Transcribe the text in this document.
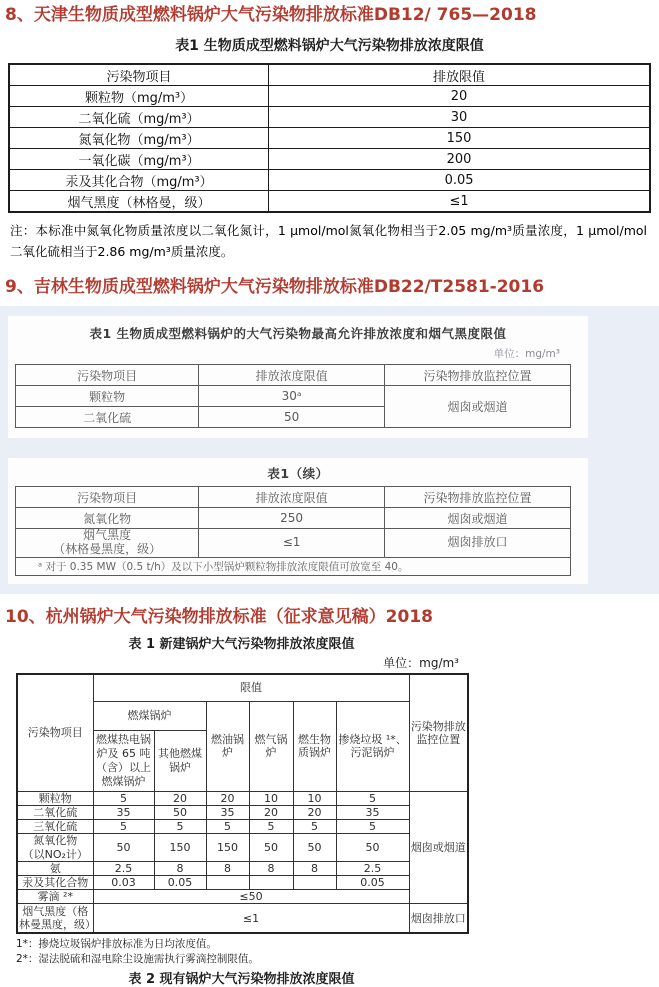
8、天津生物质成型燃料锅炉大气污染物排放标准DB12/ 765—2018
表1 生物质成型燃料锅炉大气污染物排放浓度限值
污染物项目	排放限值
颗粒物（mg/m³）	20
二氧化硫（mg/m³）	30
氮氧化物（mg/m³）	150
一氧化碳（mg/m³）	200
汞及其化合物（mg/m³）	0.05
烟气黑度（林格曼，级）	≤1
注：本标准中氮氧化物质量浓度以二氧化氮计，1 μmol/mol氮氧化物相当于2.05 mg/m³质量浓度，1 μmol/mol二氧化硫相当于2.86 mg/m³质量浓度。
9、吉林生物质成型燃料锅炉大气污染物排放标准DB22/T2581-2016
表1 生物质成型燃料锅炉的大气污染物最高允许排放浓度和烟气黑度限值
单位：mg/m³
污染物项目	排放浓度限值	污染物排放监控位置
颗粒物	30ᵃ	烟囱或烟道
二氧化硫	50	
表1（续）
污染物项目	排放浓度限值	污染物排放监控位置
氮氧化物	250	烟囱或烟道

烟气黑度
（林格曼黑度，级）	≤1	烟囱排放口
ᵃ 对于 0.35 MW（0.5 t/h）及以下小型锅炉颗粒物排放浓度限值可放宽至 40。		
10、杭州锅炉大气污染物排放标准（征求意见稿）2018
表 1 新建锅炉大气污染物排放浓度限值
单位：mg/m³
污染物项目	限值						污染物排放监控位置
	燃煤锅炉		燃油锅炉	燃气锅炉	燃生物质锅炉	掺烧垃圾 ¹*、污泥锅炉	
	燃煤热电锅炉及 65 吨（含）以上燃煤锅炉	其他燃煤锅炉					
颗粒物	5	20	20	10	10	5	烟囱或烟道
二氧化硫	35	50	35	20	20	35	
三氧化硫	5	5	5	5	5	5	

氮氧化物
（以NO₂计）	50	150	150	50	50	50	
氨	2.5	8	8	8	8	2.5	
汞及其化合物	0.03	0.05				0.05	
雾滴 ²*	≤50						
烟气黑度（格林曼黑度，级）	≤1						烟囱排放口
1*：掺烧垃圾锅炉排放标准为日均浓度值。
2*：湿法脱硫和湿电除尘设施需执行雾滴控制限值。
表 2 现有锅炉大气污染物排放浓度限值
